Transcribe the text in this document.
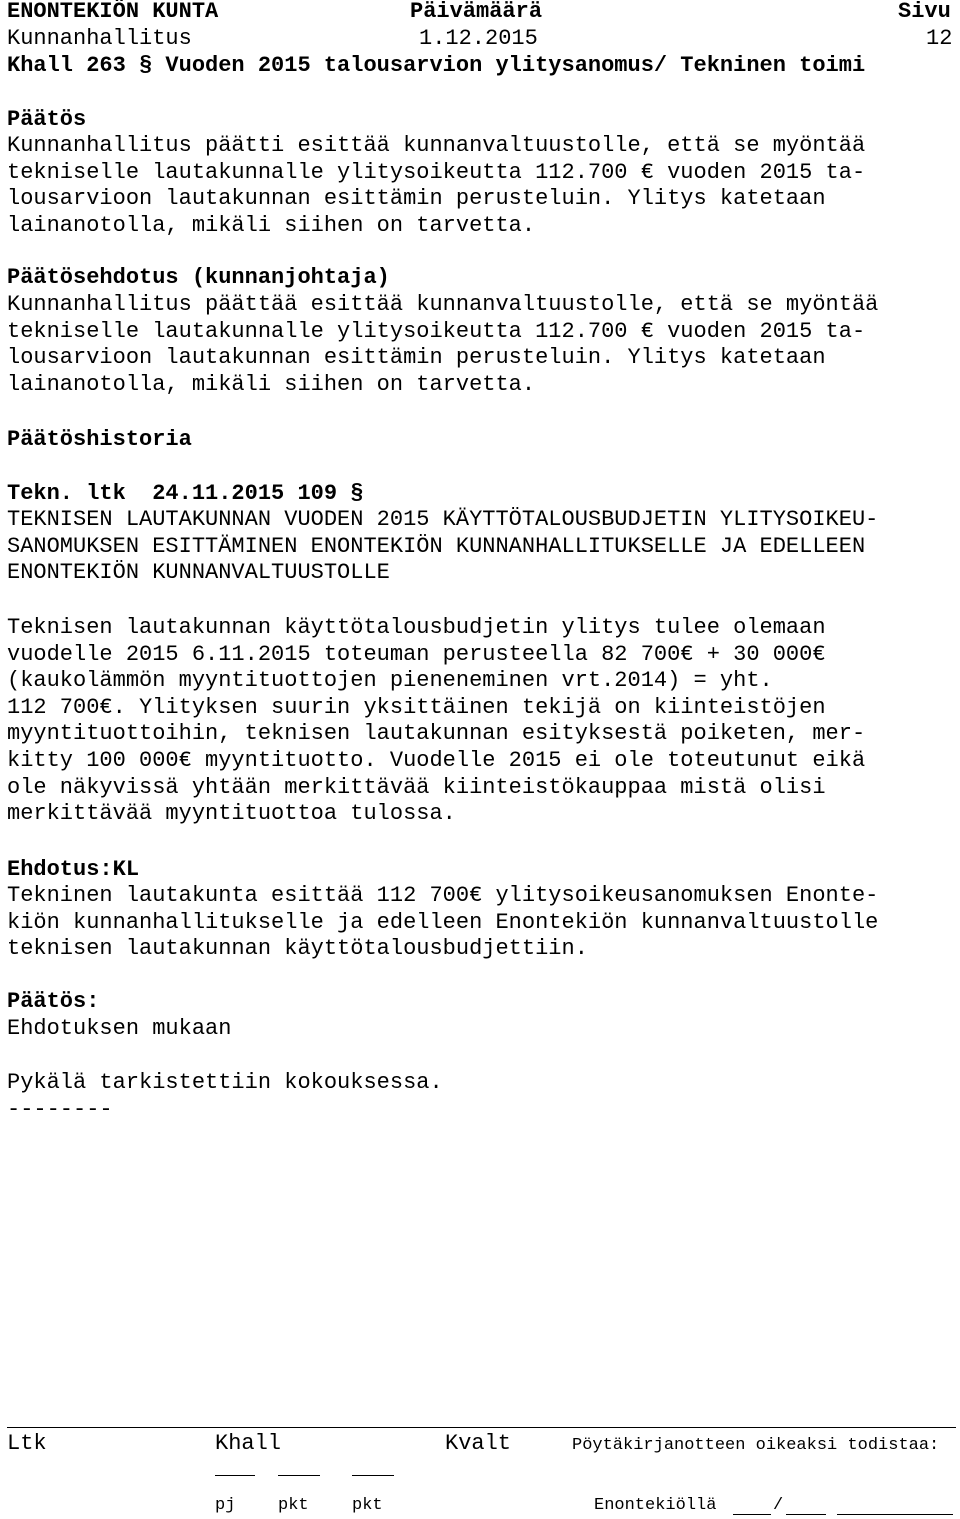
ENONTEKIÖN KUNTA	Päivämäärä	Sivu
Kunnanhallitus	1.12.2015	12
Khall 263 § Vuoden 2015 talousarvion ylitysanomus/ Tekninen toimi
Päätös
Kunnanhallitus päätti esittää kunnanvaltuustolle, että se myöntää
tekniselle lautakunnalle ylitysoikeutta 112.700 € vuoden 2015 ta-
lousarvioon lautakunnan esittämin perusteluin. Ylitys katetaan
lainanotolla, mikäli siihen on tarvetta.
Päätösehdotus (kunnanjohtaja)
Kunnanhallitus päättää esittää kunnanvaltuustolle, että se myöntää
tekniselle lautakunnalle ylitysoikeutta 112.700 € vuoden 2015 ta-
lousarvioon lautakunnan esittämin perusteluin. Ylitys katetaan
lainanotolla, mikäli siihen on tarvetta.
Päätöshistoria
Tekn. ltk  24.11.2015 109 §
TEKNISEN LAUTAKUNNAN VUODEN 2015 KÄYTTÖTALOUSBUDJETIN YLITYSOIKEU-
SANOMUKSEN ESITTÄMINEN ENONTEKIÖN KUNNANHALLITUKSELLE JA EDELLEEN
ENONTEKIÖN KUNNANVALTUUSTOLLE
Teknisen lautakunnan käyttötalousbudjetin ylitys tulee olemaan
vuodelle 2015 6.11.2015 toteuman perusteella 82 700€ + 30 000€
(kaukolämmön myyntituottojen pieneneminen vrt.2014) = yht.
112 700€. Ylityksen suurin yksittäinen tekijä on kiinteistöjen
myyntituottoihin, teknisen lautakunnan esityksestä poiketen, mer-
kitty 100 000€ myyntituotto. Vuodelle 2015 ei ole toteutunut eikä
ole näkyvissä yhtään merkittävää kiinteistökauppaa mistä olisi
merkittävää myyntituottoa tulossa.
Ehdotus:KL
Tekninen lautakunta esittää 112 700€ ylitysoikeusanomuksen Enonte-
kiön kunnanhallitukselle ja edelleen Enontekiön kunnanvaltuustolle
teknisen lautakunnan käyttötalousbudjettiin.
Päätös:
Ehdotuksen mukaan
Pykälä tarkistettiin kokouksessa.
--------
Ltk	Khall	Kvalt	Pöytäkirjanotteen oikeaksi todistaa:
pj	pkt	pkt	Enontekiöllä	/
